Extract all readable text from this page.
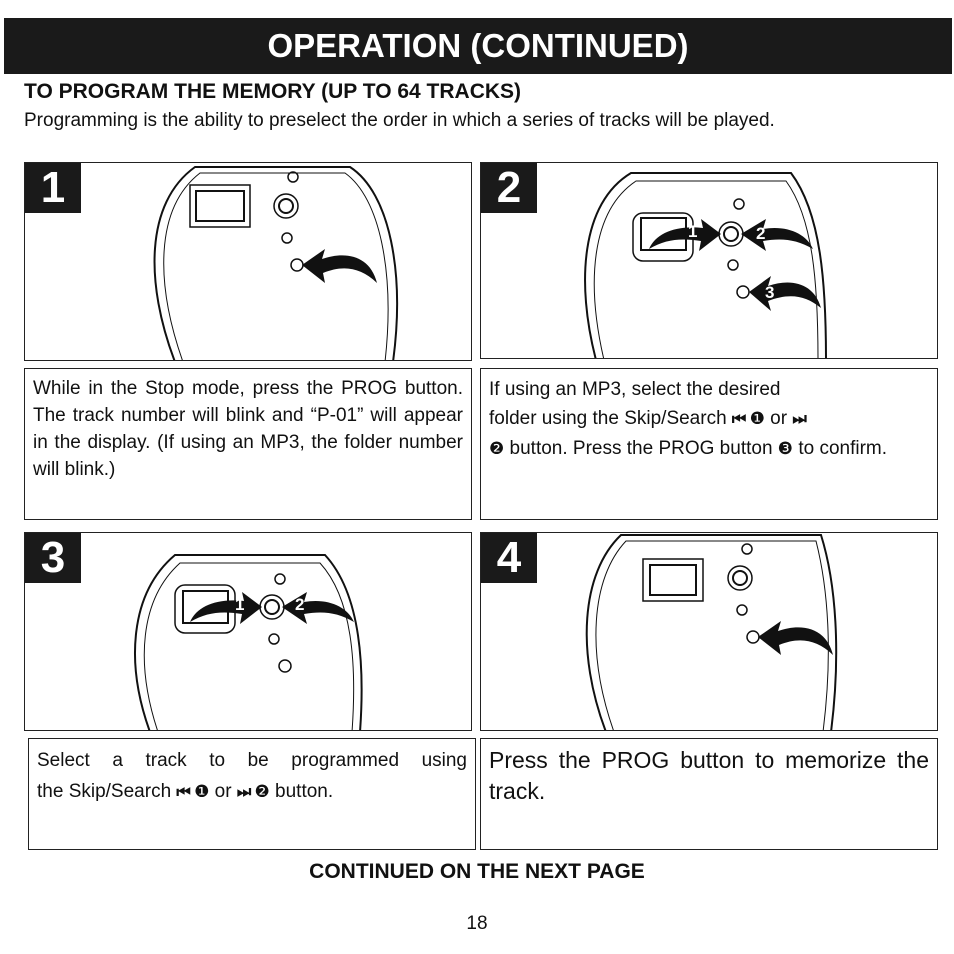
OPERATION (CONTINUED)
TO PROGRAM THE MEMORY (UP TO 64 TRACKS)
Programming is the ability to preselect the order in which a series of tracks will be played.
1	2
1	2
3
While in the Stop mode, press the PROG button. The track number will blink and “P-01” will appear in the display. (If using an MP3, the folder number will blink.)
If using an MP3, select the desired
folder using the Skip/Search ⏮ ❶ or ⏭
❷ button. Press the PROG button ❸ to confirm.
3
1	2
4
Select a track to be programmed using
the Skip/Search ⏮ ❶ or ⏭ ❷ button.
Press the PROG button to memorize the track.
CONTINUED ON THE NEXT PAGE
18
